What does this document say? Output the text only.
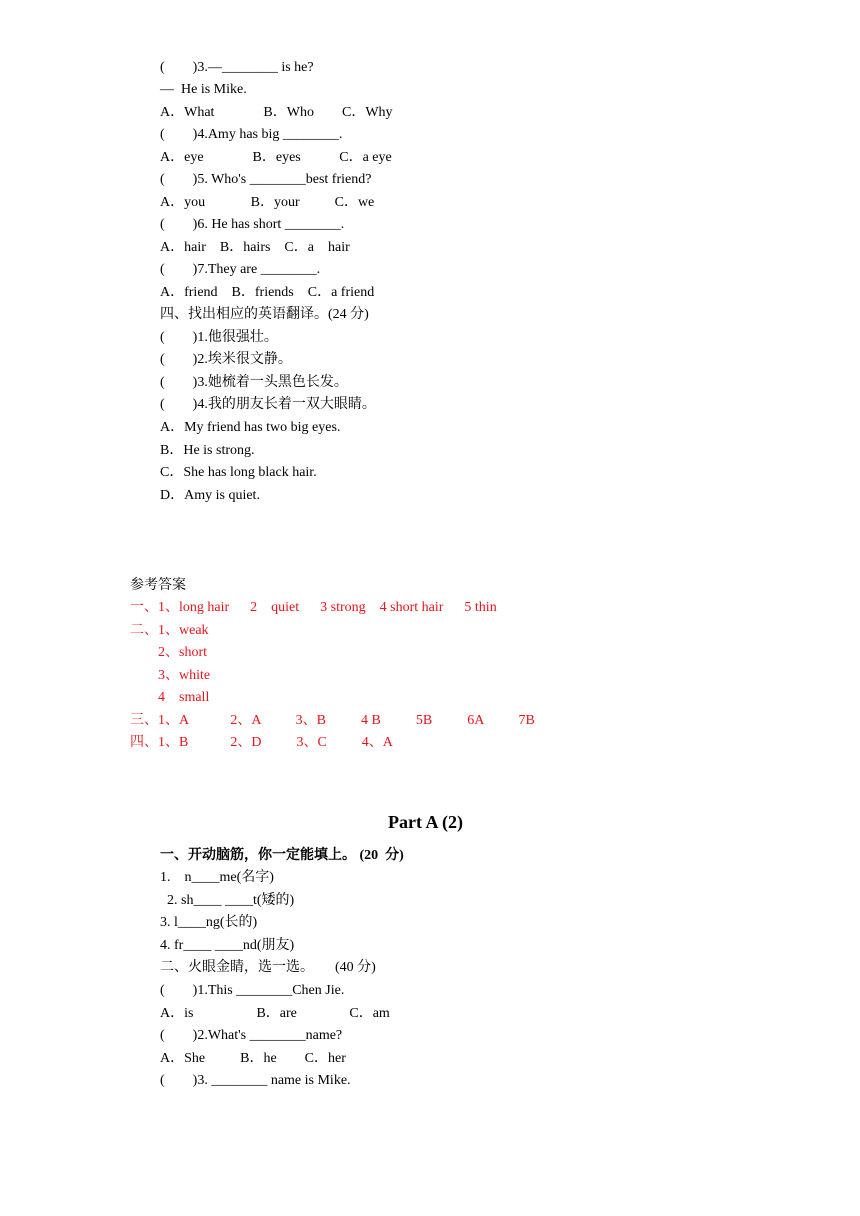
(        )3.—________ is he?
—  He is Mike.
A．What              B．Who        C．Why
(        )4.Amy has big ________.
A．eye              B．eyes           C．a eye
(        )5. Who's ________best friend?
A．you             B．your          C．we
(        )6. He has short ________.
A．hair    B．hairs    C．a    hair
(        )7.They are ________.
A．friend    B．friends    C．a friend
四、找出相应的英语翻译。(24 分)
(        )1.他很强壮。
(        )2.埃米很文静。
(        )3.她梳着一头黑色长发。
(        )4.我的朋友长着一双大眼睛。
A．My friend has two big eyes.
B．He is strong.
C．She has long black hair.
D．Amy is quiet.
参考答案
一、1、long hair      2    quiet      3 strong    4 short hair      5 thin
二、1、weak
2、short
3、white
4    small
三、1、A            2、A          3、B          4 B          5B          6A          7B
四、1、B            2、D          3、C          4、A
Part A (2)
一、开动脑筋，你一定能填上。 (20  分)
1.    n____me(名字)
2. sh____ ____t(矮的)
3. l____ng(长的)
4. fr____ ____nd(朋友)
二、火眼金睛，选一选。      (40 分)
(        )1.This ________Chen Jie.
A．is                  B．are               C．am
(        )2.What's ________name?
A．She          B．he        C．her
(        )3. ________ name is Mike.
